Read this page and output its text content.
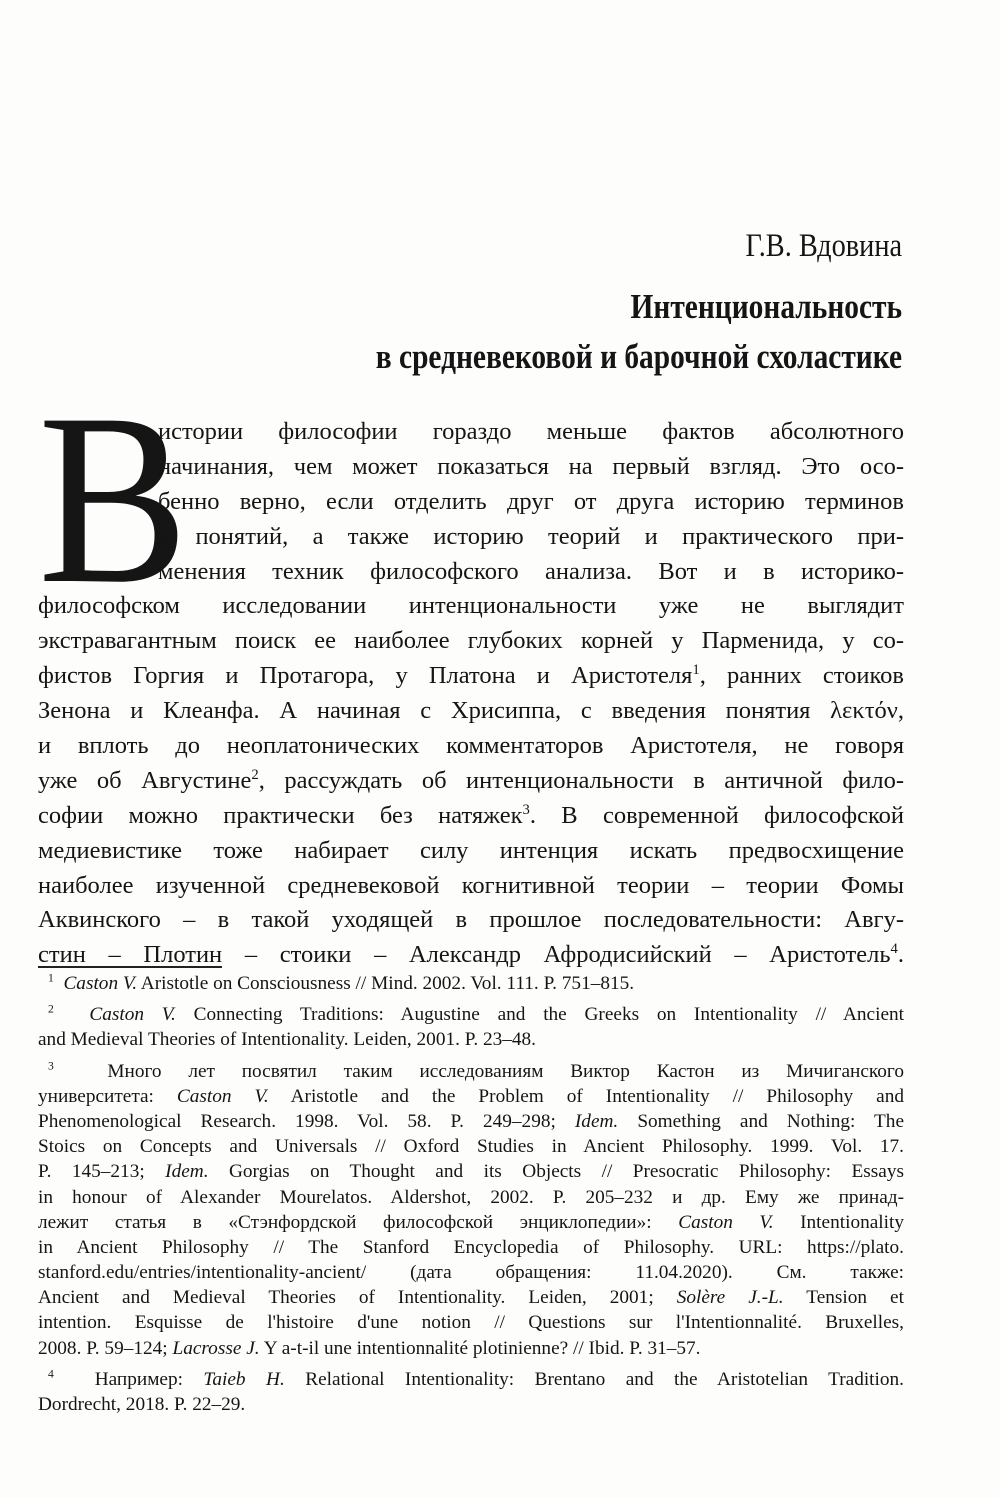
Г.В. Вдовина
Интенциональность
в средневековой и барочной схоластике
В
истории философии гораздо меньше фактов абсолютного
начинания, чем может показаться на первый взгляд. Это осо-
бенно верно, если отделить друг от друга историю терминов
и понятий, а также историю теорий и практического при-
менения техник философского анализа. Вот и в историко-
философском исследовании интенциональности уже не выглядит
экстравагантным поиск ее наиболее глубоких корней у Парменида, у со-
фистов Горгия и Протагора, у Платона и Аристотеля$^1$, ранних стоиков
Зенона и Клеанфа. А начиная с Хрисиппа, с введения понятия λεκτόν,
и вплоть до неоплатонических комментаторов Аристотеля, не говоря
уже об Августине$^2$, рассуждать об интенциональности в античной фило-
софии можно практически без натяжек$^3$. В современной философской
медиевистике тоже набирает силу интенция искать предвосхищение
наиболее изученной средневековой когнитивной теории – теории Фомы
Аквинского – в такой уходящей в прошлое последовательности: Авгу-
стин – Плотин – стоики – Александр Афродисийский – Аристотель$^4$.
$^1$ Caston V. Aristotle on Consciousness // Mind. 2002. Vol. 111. P. 751–815.
$^2$ Caston V. Connecting Traditions: Augustine and the Greeks on Intentionality // Ancient
and Medieval Theories of Intentionality. Leiden, 2001. P. 23–48.
$^3$	Много лет посвятил таким исследованиям Виктор Кастон из Мичиганского
университета: Caston V. Aristotle and the Problem of Intentionality // Philosophy and
Phenomenological Research. 1998. Vol. 58. P. 249–298; Idem. Something and Nothing: The
Stoics on Concepts and Universals // Oxford Studies in Ancient Philosophy. 1999. Vol. 17.
P. 145–213; Idem. Gorgias on Thought and its Objects // Presocratic Philosophy: Essays
in honour of Alexander Mourelatos. Aldershot, 2002. P. 205–232 и др. Ему же принад-
лежит статья в «Стэнфордской философской энциклопедии»: Caston V. Intentionality
in Ancient Philosophy // The Stanford Encyclopedia of Philosophy. URL: https://plato.
stanford.edu/entries/intentionality-ancient/ (дата обращения: 11.04.2020). См. также:
Ancient and Medieval Theories of Intentionality. Leiden, 2001; Solère J.-L. Tension et
intention. Esquisse de l'histoire d'une notion // Questions sur l'Intentionnalité. Bruxelles,
2008. P. 59–124; Lacrosse J. Y a-t-il une intentionnalité plotinienne? // Ibid. P. 31–57.
$^4$ Например: Taieb H. Relational Intentionality: Brentano and the Aristotelian Tradition.
Dordrecht, 2018. P. 22–29.
